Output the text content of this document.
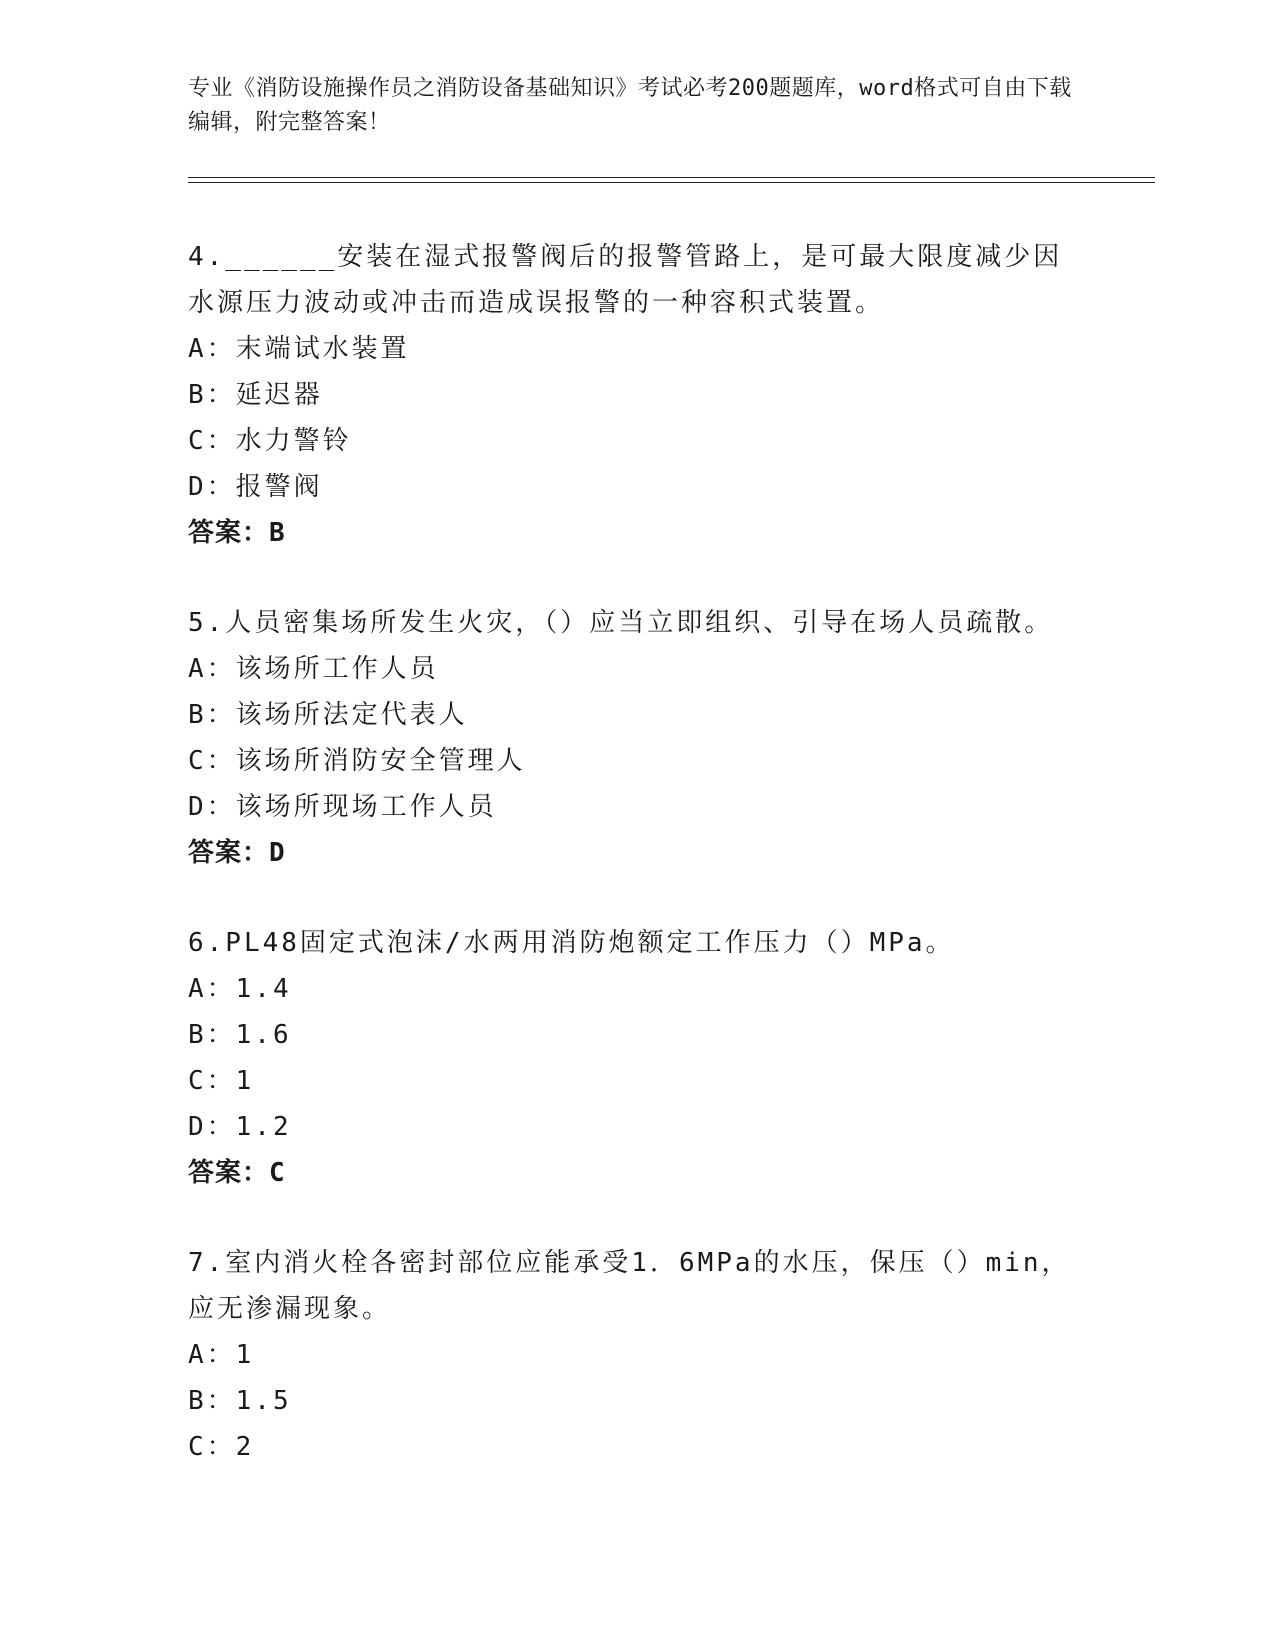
专业《消防设施操作员之消防设备基础知识》考试必考200题题库，word格式可自由下载编辑，附完整答案！
4.______安装在湿式报警阀后的报警管路上，是可最大限度减少因水源压力波动或冲击而造成误报警的一种容积式装置。
A：末端试水装置
B：延迟器
C：水力警铃
D：报警阀
答案：B
5.人员密集场所发生火灾，（）应当立即组织、引导在场人员疏散。
A：该场所工作人员
B：该场所法定代表人
C：该场所消防安全管理人
D：该场所现场工作人员
答案：D
6.PL48固定式泡沫/水两用消防炮额定工作压力（）MPa。
A：1.4
B：1.6
C：1
D：1.2
答案：C
7.室内消火栓各密封部位应能承受1．6MPa的水压，保压（）min，应无渗漏现象。
A：1
B：1.5
C：2
